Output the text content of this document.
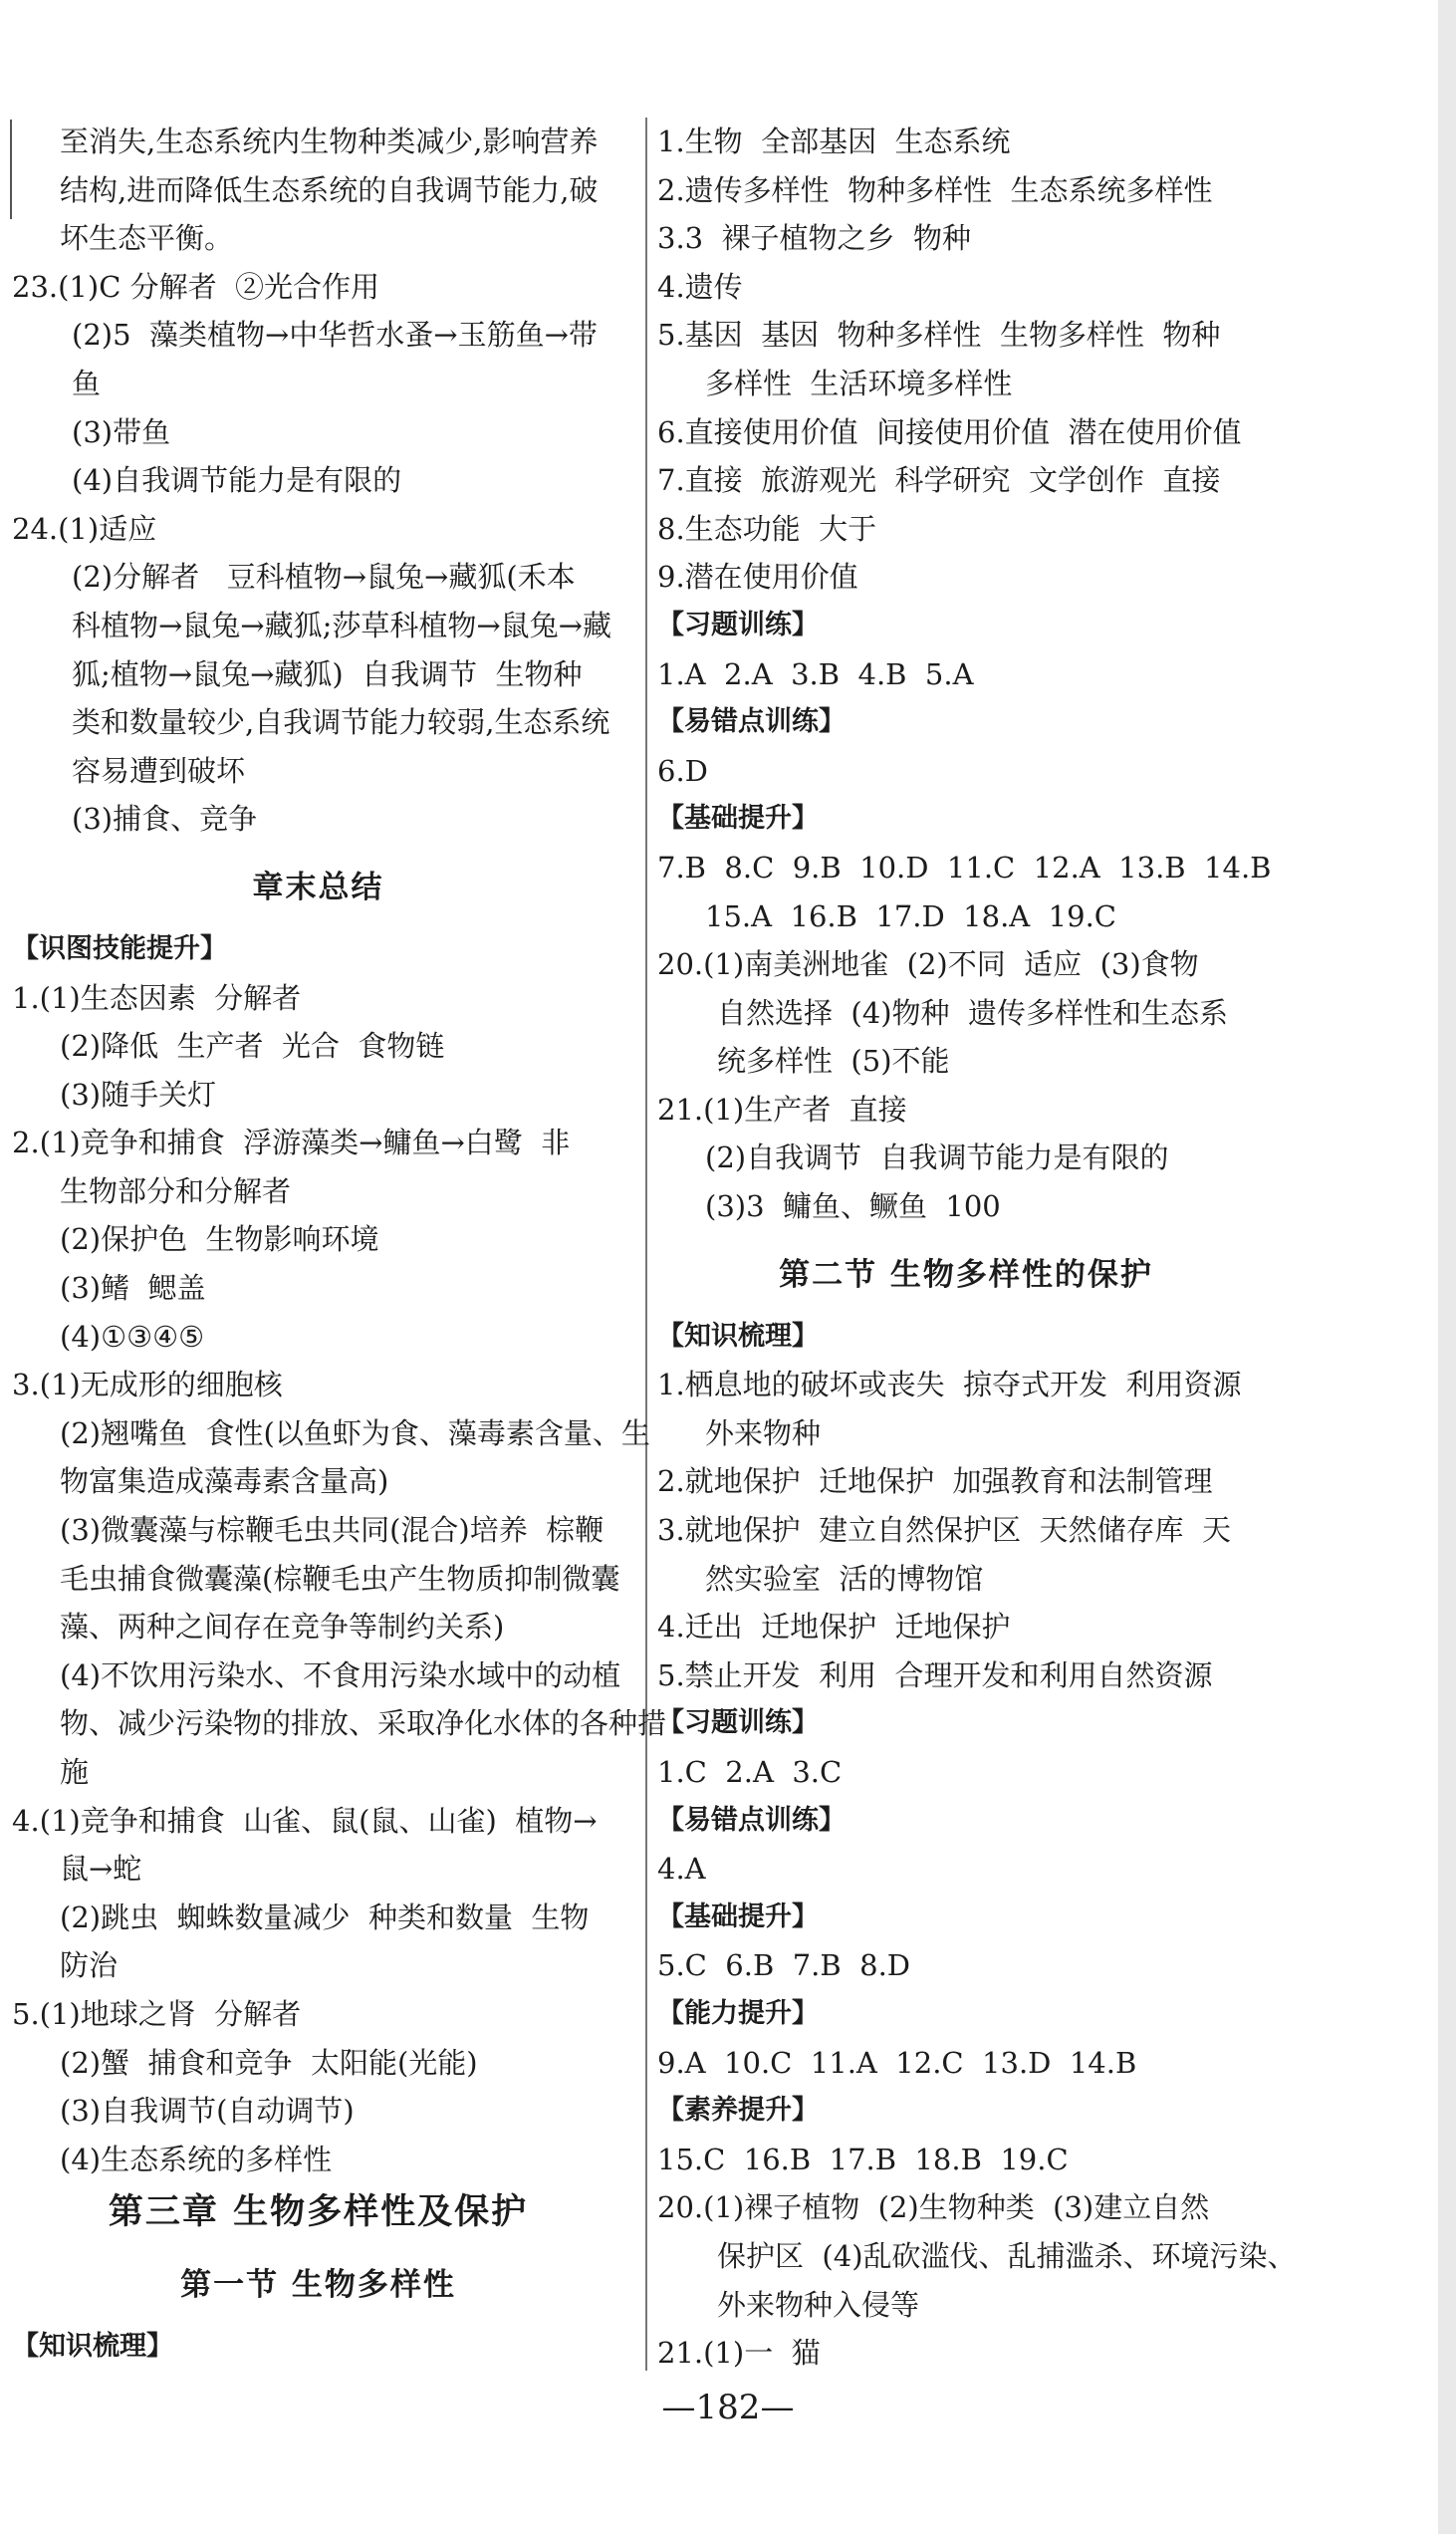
至消失,生态系统内生物种类减少,影响营养
结构,进而降低生态系统的自我调节能力,破
坏生态平衡。
23.(1)C 分解者  ②光合作用
(2)5  藻类植物→中华哲水蚤→玉筋鱼→带
鱼
(3)带鱼
(4)自我调节能力是有限的
24.(1)适应
(2)分解者   豆科植物→鼠兔→藏狐(禾本
科植物→鼠兔→藏狐;莎草科植物→鼠兔→藏
狐;植物→鼠兔→藏狐)  自我调节  生物种
类和数量较少,自我调节能力较弱,生态系统
容易遭到破坏
(3)捕食、竞争
章末总结
【识图技能提升】
1.(1)生态因素  分解者
(2)降低  生产者  光合  食物链
(3)随手关灯
2.(1)竞争和捕食  浮游藻类→鳙鱼→白鹭  非
生物部分和分解者
(2)保护色  生物影响环境
(3)鳍  鳃盖
(4)①③④⑤
3.(1)无成形的细胞核
(2)翘嘴鱼  食性(以鱼虾为食、藻毒素含量、生
物富集造成藻毒素含量高)
(3)微囊藻与棕鞭毛虫共同(混合)培养  棕鞭
毛虫捕食微囊藻(棕鞭毛虫产生物质抑制微囊
藻、两种之间存在竞争等制约关系)
(4)不饮用污染水、不食用污染水域中的动植
物、减少污染物的排放、采取净化水体的各种措
施
4.(1)竞争和捕食  山雀、鼠(鼠、山雀)  植物→
鼠→蛇
(2)跳虫  蜘蛛数量减少  种类和数量  生物
防治
5.(1)地球之肾  分解者
(2)蟹  捕食和竞争  太阳能(光能)
(3)自我调节(自动调节)
(4)生态系统的多样性
第三章 生物多样性及保护
第一节 生物多样性
【知识梳理】
1.生物  全部基因  生态系统
2.遗传多样性  物种多样性  生态系统多样性
3.3  裸子植物之乡  物种
4.遗传
5.基因  基因  物种多样性  生物多样性  物种
多样性  生活环境多样性
6.直接使用价值  间接使用价值  潜在使用价值
7.直接  旅游观光  科学研究  文学创作  直接
8.生态功能  大于
9.潜在使用价值
【习题训练】
1.A  2.A  3.B  4.B  5.A
【易错点训练】
6.D
【基础提升】
7.B  8.C  9.B  10.D  11.C  12.A  13.B  14.B
15.A  16.B  17.D  18.A  19.C
20.(1)南美洲地雀  (2)不同  适应  (3)食物
自然选择  (4)物种  遗传多样性和生态系
统多样性  (5)不能
21.(1)生产者  直接
(2)自我调节  自我调节能力是有限的
(3)3  鳙鱼、鳜鱼  100
第二节 生物多样性的保护
【知识梳理】
1.栖息地的破坏或丧失  掠夺式开发  利用资源
外来物种
2.就地保护  迁地保护  加强教育和法制管理
3.就地保护  建立自然保护区  天然储存库  天
然实验室  活的博物馆
4.迁出  迁地保护  迁地保护
5.禁止开发  利用  合理开发和利用自然资源
【习题训练】
1.C  2.A  3.C
【易错点训练】
4.A
【基础提升】
5.C  6.B  7.B  8.D
【能力提升】
9.A  10.C  11.A  12.C  13.D  14.B
【素养提升】
15.C  16.B  17.B  18.B  19.C
20.(1)裸子植物  (2)生物种类  (3)建立自然
保护区  (4)乱砍滥伐、乱捕滥杀、环境污染、
外来物种入侵等
21.(1)一  猫
—182—
